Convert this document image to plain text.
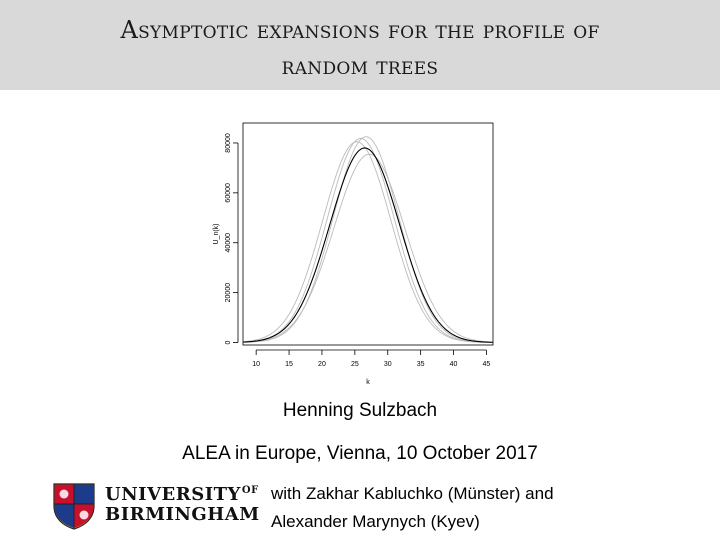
Asymptotic expansions for the profile of
random trees
10	15	20	25	30	35	40	45
0
20000
40000
60000
80000
k
U_n(k)
Henning Sulzbach
ALEA in Europe, Vienna, 10 October 2017
with Zakhar Kabluchko (Münster) and
Alexander Marynych (Kyev)
$UNIVERSITY^{OF}$
BIRMINGHAM
